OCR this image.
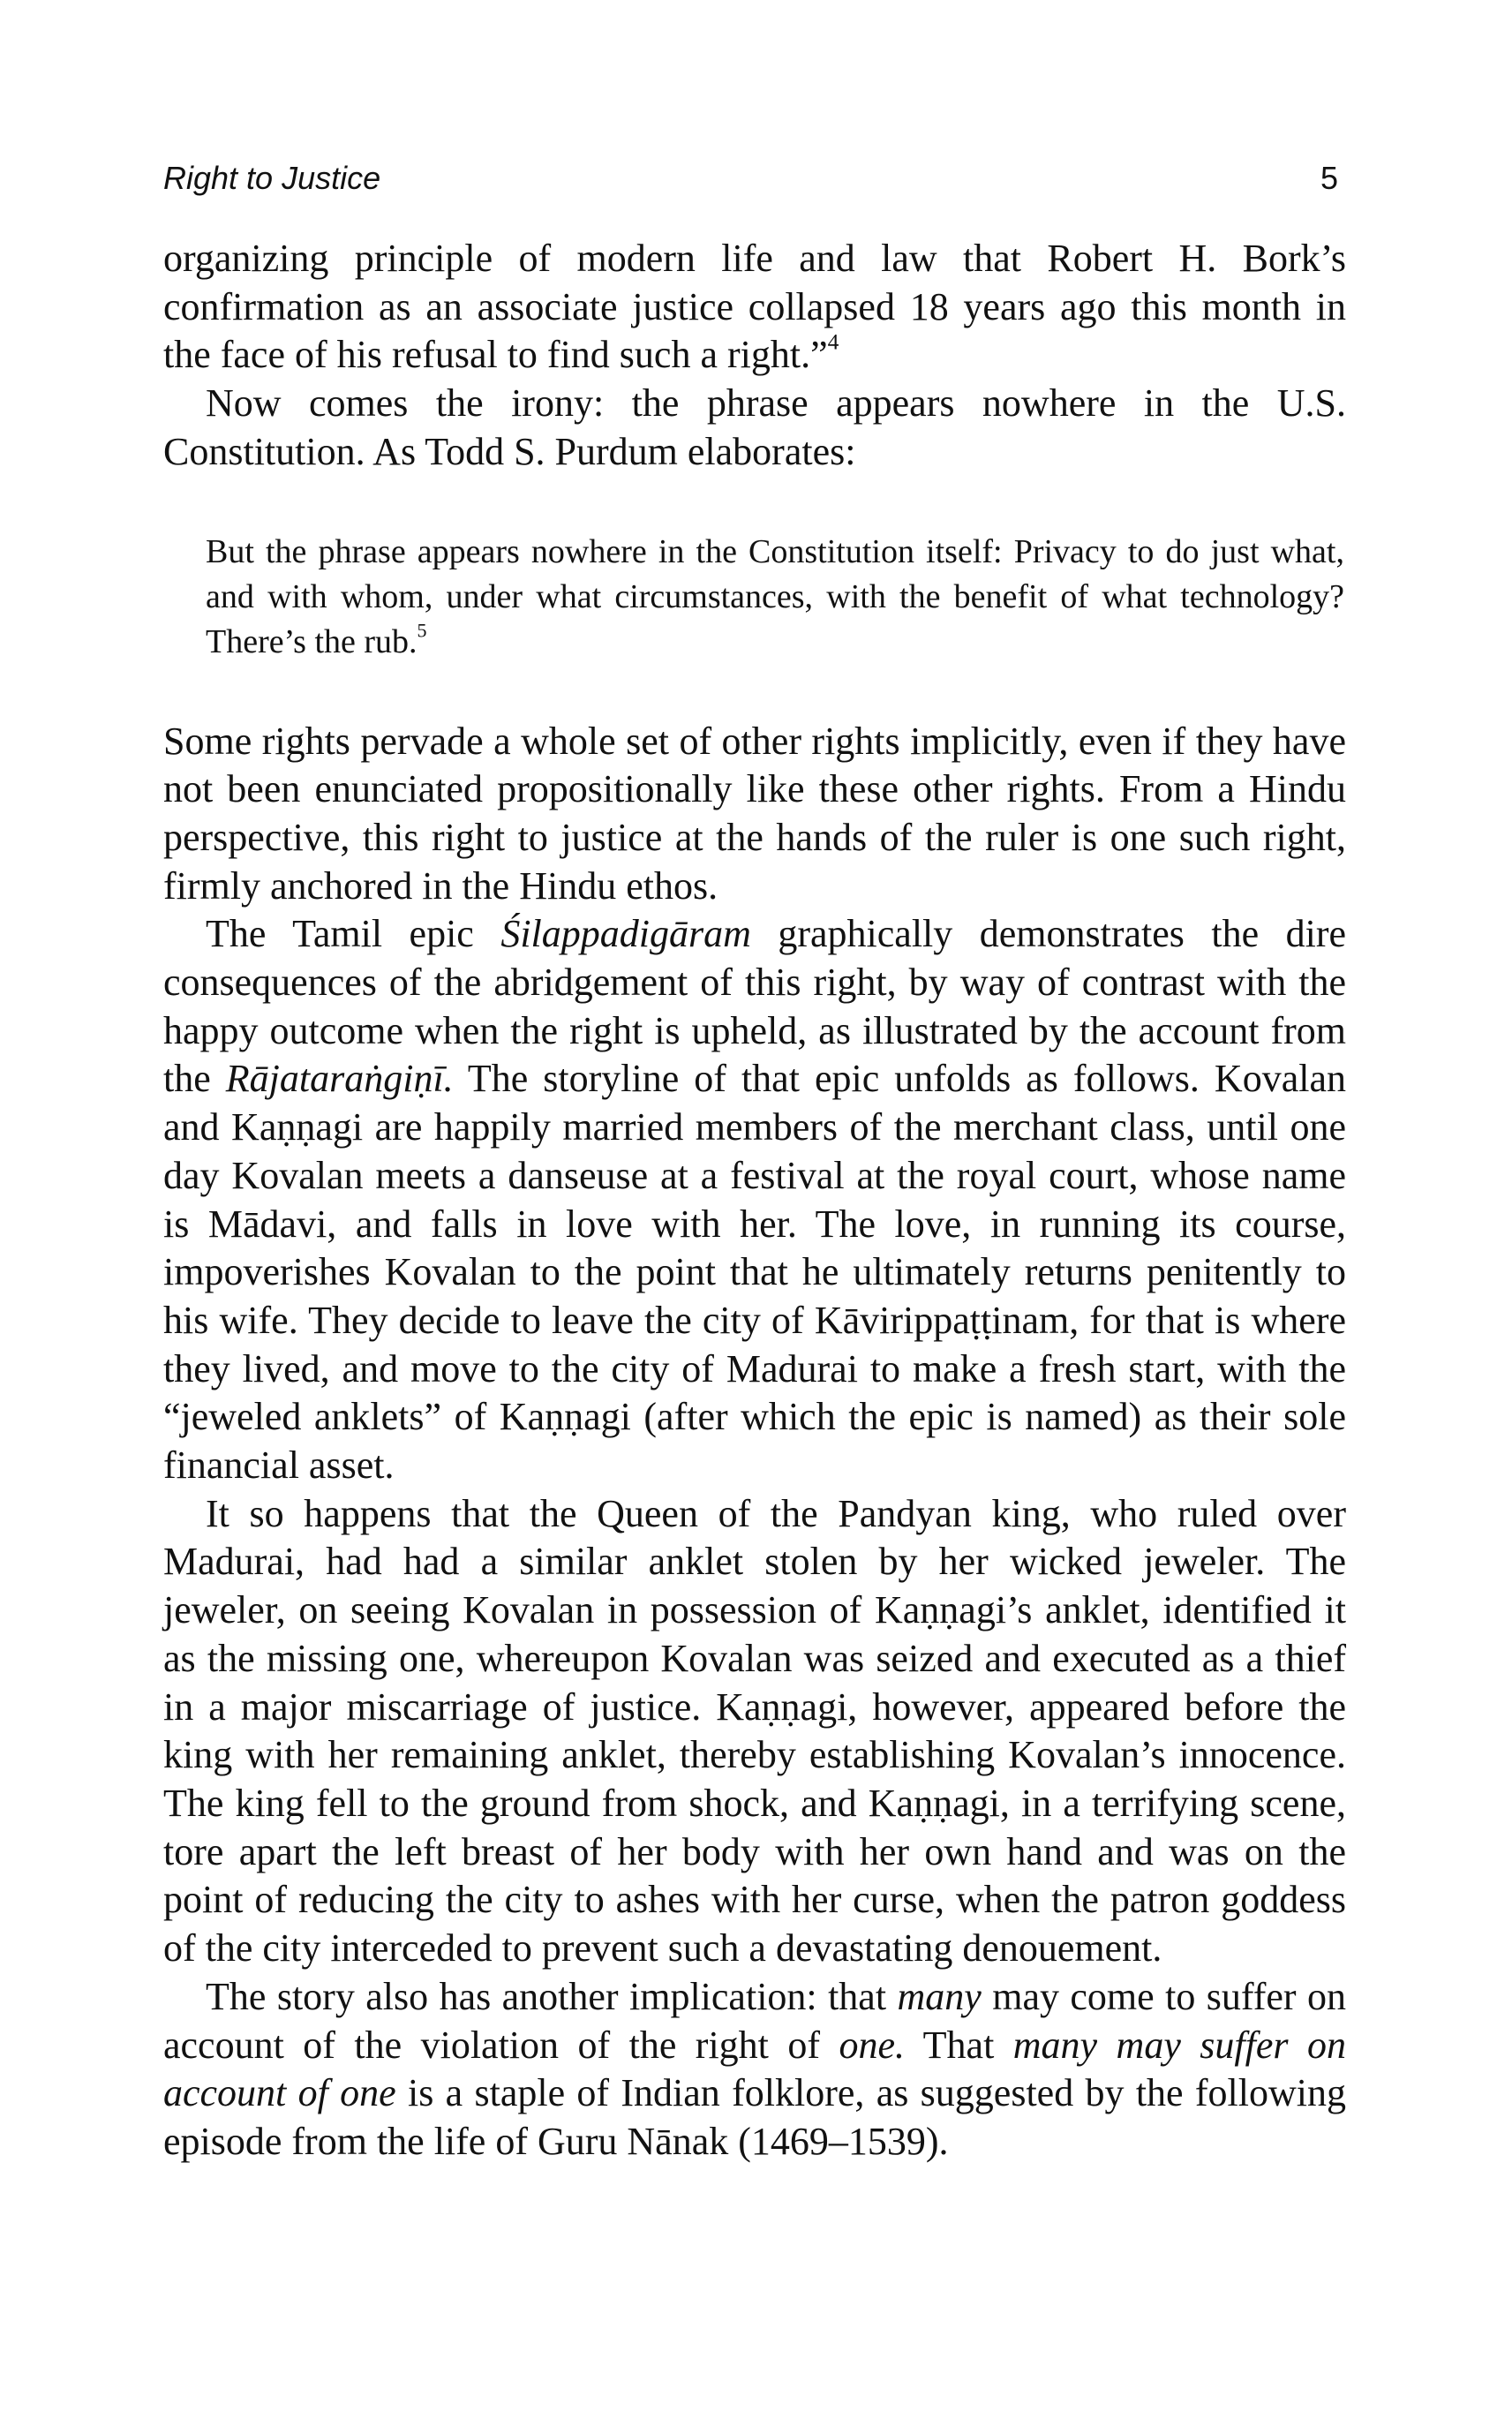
Right to Justice	5

organizing principle of modern life and law that Robert H. Bork’s confirmation as an associate justice collapsed 18 years ago this month in the face of his refusal to find such a right.”$^4$

Now comes the irony: the phrase appears nowhere in the U.S. Constitution. As Todd S. Purdum elaborates:

But the phrase appears nowhere in the Constitution itself: Privacy to do just what, and with whom, under what circumstances, with the benefit of what technology? There’s the rub.$^5$

Some rights pervade a whole set of other rights implicitly, even if they have not been enunciated propositionally like these other rights. From a Hindu perspective, this right to justice at the hands of the ruler is one such right, firmly anchored in the Hindu ethos.

The Tamil epic Śilappadigāram graphically demonstrates the dire consequences of the abridgement of this right, by way of contrast with the happy outcome when the right is upheld, as illustrated by the account from the Rājataraṅgiṇī. The storyline of that epic unfolds as follows. Kovalan and Kaṇṇagi are happily married members of the merchant class, until one day Kovalan meets a danseuse at a festival at the royal court, whose name is Mādavi, and falls in love with her. The love, in running its course, impoverishes Kovalan to the point that he ultimately returns penitently to his wife. They decide to leave the city of Kāvirippaṭṭinam, for that is where they lived, and move to the city of Madurai to make a fresh start, with the “jeweled anklets” of Kaṇṇagi (after which the epic is named) as their sole financial asset.

It so happens that the Queen of the Pandyan king, who ruled over Madurai, had had a similar anklet stolen by her wicked jeweler. The jeweler, on seeing Kovalan in possession of Kaṇṇagi’s anklet, identified it as the missing one, whereupon Kovalan was seized and executed as a thief in a major miscarriage of justice. Kaṇṇagi, however, appeared before the king with her remaining anklet, thereby establishing Kovalan’s innocence. The king fell to the ground from shock, and Kaṇṇagi, in a terrifying scene, tore apart the left breast of her body with her own hand and was on the point of reducing the city to ashes with her curse, when the patron goddess of the city interceded to prevent such a devastating denouement.

The story also has another implication: that many may come to suffer on account of the violation of the right of one. That many may suffer on account of one is a staple of Indian folklore, as suggested by the following episode from the life of Guru Nānak (1469–1539).
